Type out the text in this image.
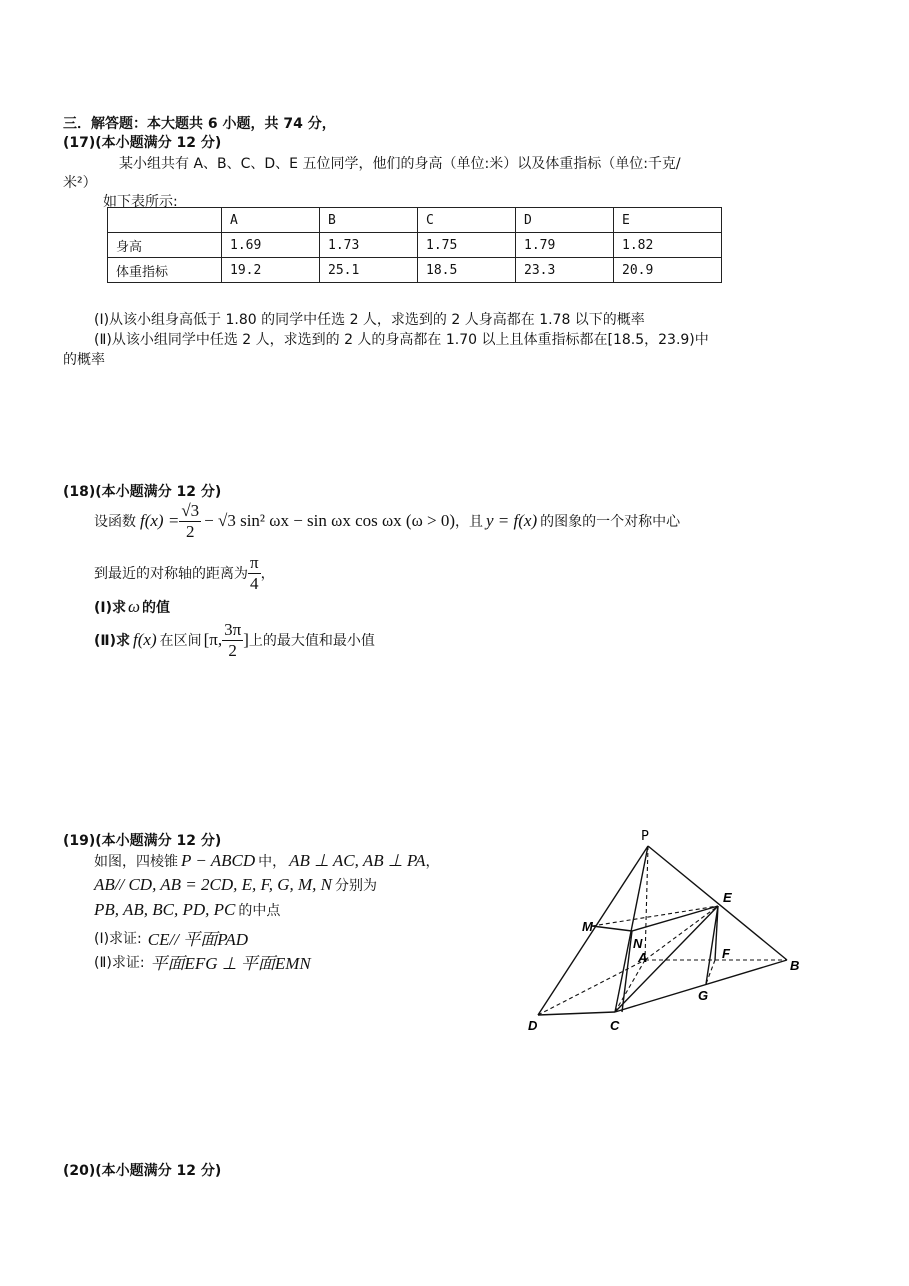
三．解答题：本大题共 6 小题，共 74 分，
(17)(本小题满分 12 分)
某小组共有 A、B、C、D、E 五位同学，他们的身高（单位:米）以及体重指标（单位:千克/
米²）
如下表所示:
	A	B	C	D	E
身高	1.69	1.73	1.75	1.79	1.82
体重指标	19.2	25.1	18.5	23.3	20.9
(Ⅰ)从该小组身高低于 1.80 的同学中任选 2 人，求选到的 2 人身高都在 1.78 以下的概率
(Ⅱ)从该小组同学中任选 2 人，求选到的 2 人的身高都在 1.70 以上且体重指标都在[18.5，23.9)中
的概率
(18)(本小题满分 12 分)
设函数 $f(x) = \frac{√3}{2} - √3$ sin² ωx − sin ωx cos ωx (ω > 0) ，且 y = f(x) 的图象的一个对称中心
到最近的对称轴的距离为 $\frac{\pi}{4}$ ，
(Ⅰ)求 ω 的值
(Ⅱ)求 f(x) 在区间 [π, $\frac{3\pi}{2}$ ] 上的最大值和最小值
(19)(本小题满分 12 分)
如图，四棱锥 P − ABCD 中， AB ⊥ AC, AB ⊥ PA ，
AB// CD, AB = 2CD, E, F, G, M, N 分别为
PB, AB, BC, PD, PC 的中点
(Ⅰ)求证: CE// 平面PAD
(Ⅱ)求证: 平面EFG ⊥ 平面EMN
P
E
M
N
A	F
B
G
D	C
(20)(本小题满分 12 分)
